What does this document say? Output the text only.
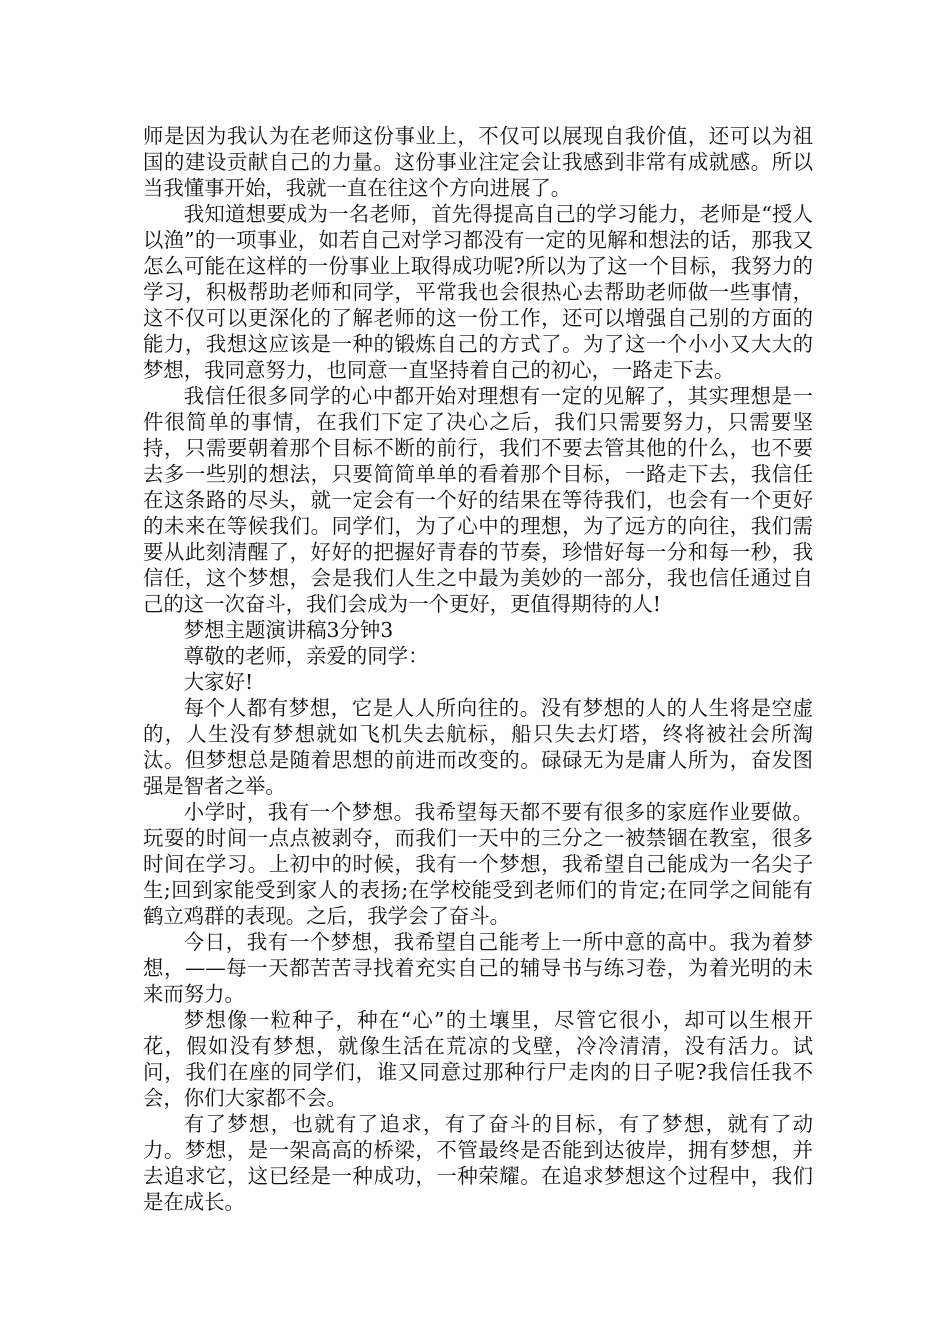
师是因为我认为在老师这份事业上，不仅可以展现自我价值，还可以为祖国的建设贡献自己的力量。这份事业注定会让我感到非常有成就感。所以当我懂事开始，我就一直在往这个方向进展了。

我知道想要成为一名老师，首先得提高自己的学习能力，老师是“授人以渔”的一项事业，如若自己对学习都没有一定的见解和想法的话，那我又怎么可能在这样的一份事业上取得成功呢?所以为了这一个目标，我努力的学习，积极帮助老师和同学，平常我也会很热心去帮助老师做一些事情，这不仅可以更深化的了解老师的这一份工作，还可以增强自己别的方面的能力，我想这应该是一种的锻炼自己的方式了。为了这一个小小又大大的梦想，我同意努力，也同意一直坚持着自己的初心，一路走下去。

我信任很多同学的心中都开始对理想有一定的见解了，其实理想是一件很简单的事情，在我们下定了决心之后，我们只需要努力，只需要坚持，只需要朝着那个目标不断的前行，我们不要去管其他的什么，也不要去多一些别的想法，只要简简单单的看着那个目标，一路走下去，我信任在这条路的尽头，就一定会有一个好的结果在等待我们，也会有一个更好的未来在等候我们。同学们，为了心中的理想，为了远方的向往，我们需要从此刻清醒了，好好的把握好青春的节奏，珍惜好每一分和每一秒，我信任，这个梦想，会是我们人生之中最为美妙的一部分，我也信任通过自己的这一次奋斗，我们会成为一个更好，更值得期待的人!

梦想主题演讲稿3分钟3

尊敬的老师，亲爱的同学：

大家好!

每个人都有梦想，它是人人所向往的。没有梦想的人的人生将是空虚的，人生没有梦想就如飞机失去航标，船只失去灯塔，终将被社会所淘汰。但梦想总是随着思想的前进而改变的。碌碌无为是庸人所为，奋发图强是智者之举。

小学时，我有一个梦想。我希望每天都不要有很多的家庭作业要做。玩耍的时间一点点被剥夺，而我们一天中的三分之一被禁锢在教室，很多时间在学习。上初中的时候，我有一个梦想，我希望自己能成为一名尖子生;回到家能受到家人的表扬;在学校能受到老师们的肯定;在同学之间能有鹤立鸡群的表现。之后，我学会了奋斗。

今日，我有一个梦想，我希望自己能考上一所中意的高中。我为着梦想，——每一天都苦苦寻找着充实自己的辅导书与练习卷，为着光明的未来而努力。

梦想像一粒种子，种在“心”的土壤里，尽管它很小，却可以生根开花，假如没有梦想，就像生活在荒凉的戈壁，冷冷清清，没有活力。试问，我们在座的同学们，谁又同意过那种行尸走肉的日子呢?我信任我不会，你们大家都不会。

有了梦想，也就有了追求，有了奋斗的目标，有了梦想，就有了动力。梦想，是一架高高的桥梁，不管最终是否能到达彼岸，拥有梦想，并去追求它，这已经是一种成功，一种荣耀。在追求梦想这个过程中，我们是在成长。
